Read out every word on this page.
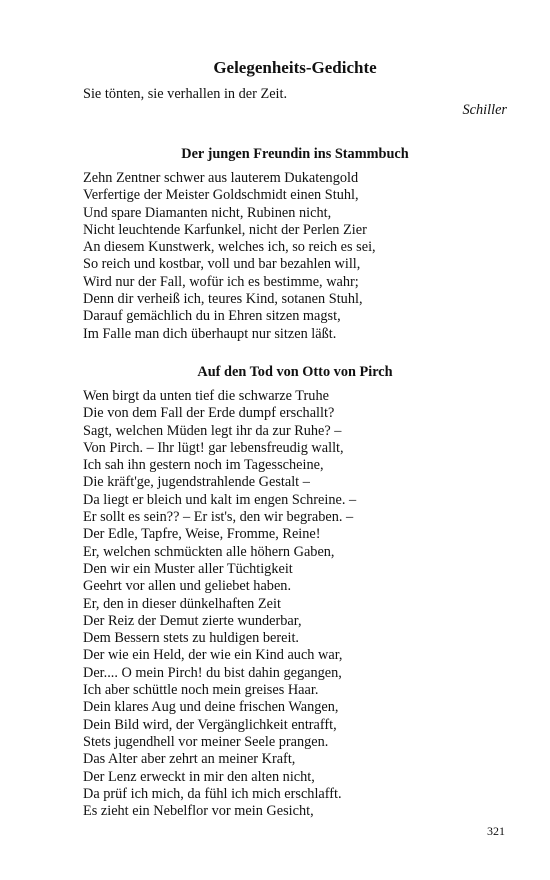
Gelegenheits-Gedichte
Sie tönten, sie verhallen in der Zeit.
Schiller
Der jungen Freundin ins Stammbuch
Zehn Zentner schwer aus lauterem Dukatengold
Verfertige der Meister Goldschmidt einen Stuhl,
Und spare Diamanten nicht, Rubinen nicht,
Nicht leuchtende Karfunkel, nicht der Perlen Zier
An diesem Kunstwerk, welches ich, so reich es sei,
So reich und kostbar, voll und bar bezahlen will,
Wird nur der Fall, wofür ich es bestimme, wahr;
Denn dir verheiß ich, teures Kind, sotanen Stuhl,
Darauf gemächlich du in Ehren sitzen magst,
Im Falle man dich überhaupt nur sitzen läßt.
Auf den Tod von Otto von Pirch
Wen birgt da unten tief die schwarze Truhe
Die von dem Fall der Erde dumpf erschallt?
Sagt, welchen Müden legt ihr da zur Ruhe? –
Von Pirch. – Ihr lügt! gar lebensfreudig wallt,
Ich sah ihn gestern noch im Tagesscheine,
Die kräft'ge, jugendstrahlende Gestalt –
Da liegt er bleich und kalt im engen Schreine. –
Er sollt es sein?? – Er ist's, den wir begraben. –
Der Edle, Tapfre, Weise, Fromme, Reine!
Er, welchen schmückten alle höhern Gaben,
Den wir ein Muster aller Tüchtigkeit
Geehrt vor allen und geliebet haben.
Er, den in dieser dünkelhaften Zeit
Der Reiz der Demut zierte wunderbar,
Dem Bessern stets zu huldigen bereit.
Der wie ein Held, der wie ein Kind auch war,
Der.... O mein Pirch! du bist dahin gegangen,
Ich aber schüttle noch mein greises Haar.
Dein klares Aug und deine frischen Wangen,
Dein Bild wird, der Vergänglichkeit entrafft,
Stets jugendhell vor meiner Seele prangen.
Das Alter aber zehrt an meiner Kraft,
Der Lenz erweckt in mir den alten nicht,
Da prüf ich mich, da fühl ich mich erschlafft.
Es zieht ein Nebelflor vor mein Gesicht,
321
